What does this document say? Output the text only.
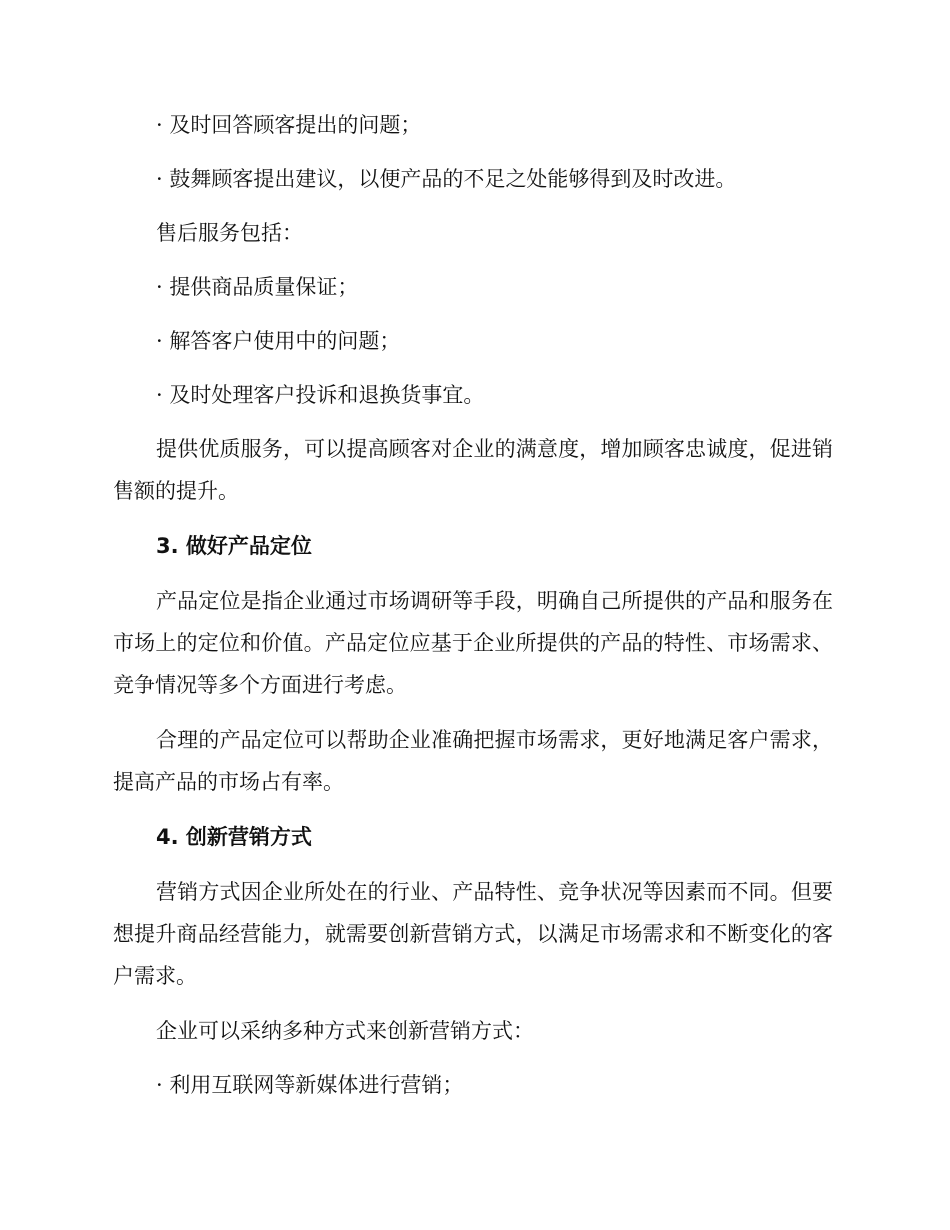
· 及时回答顾客提出的问题；
· 鼓舞顾客提出建议，以便产品的不足之处能够得到及时改进。
售后服务包括：
· 提供商品质量保证；
· 解答客户使用中的问题；
· 及时处理客户投诉和退换货事宜。

提供优质服务，可以提高顾客对企业的满意度，增加顾客忠诚度，促进销售额的提升。

3. 做好产品定位

产品定位是指企业通过市场调研等手段，明确自己所提供的产品和服务在市场上的定位和价值。产品定位应基于企业所提供的产品的特性、市场需求、竞争情况等多个方面进行考虑。

合理的产品定位可以帮助企业准确把握市场需求，更好地满足客户需求，提高产品的市场占有率。

4. 创新营销方式

营销方式因企业所处在的行业、产品特性、竞争状况等因素而不同。但要想提升商品经营能力，就需要创新营销方式，以满足市场需求和不断变化的客户需求。

企业可以采纳多种方式来创新营销方式：
· 利用互联网等新媒体进行营销；
